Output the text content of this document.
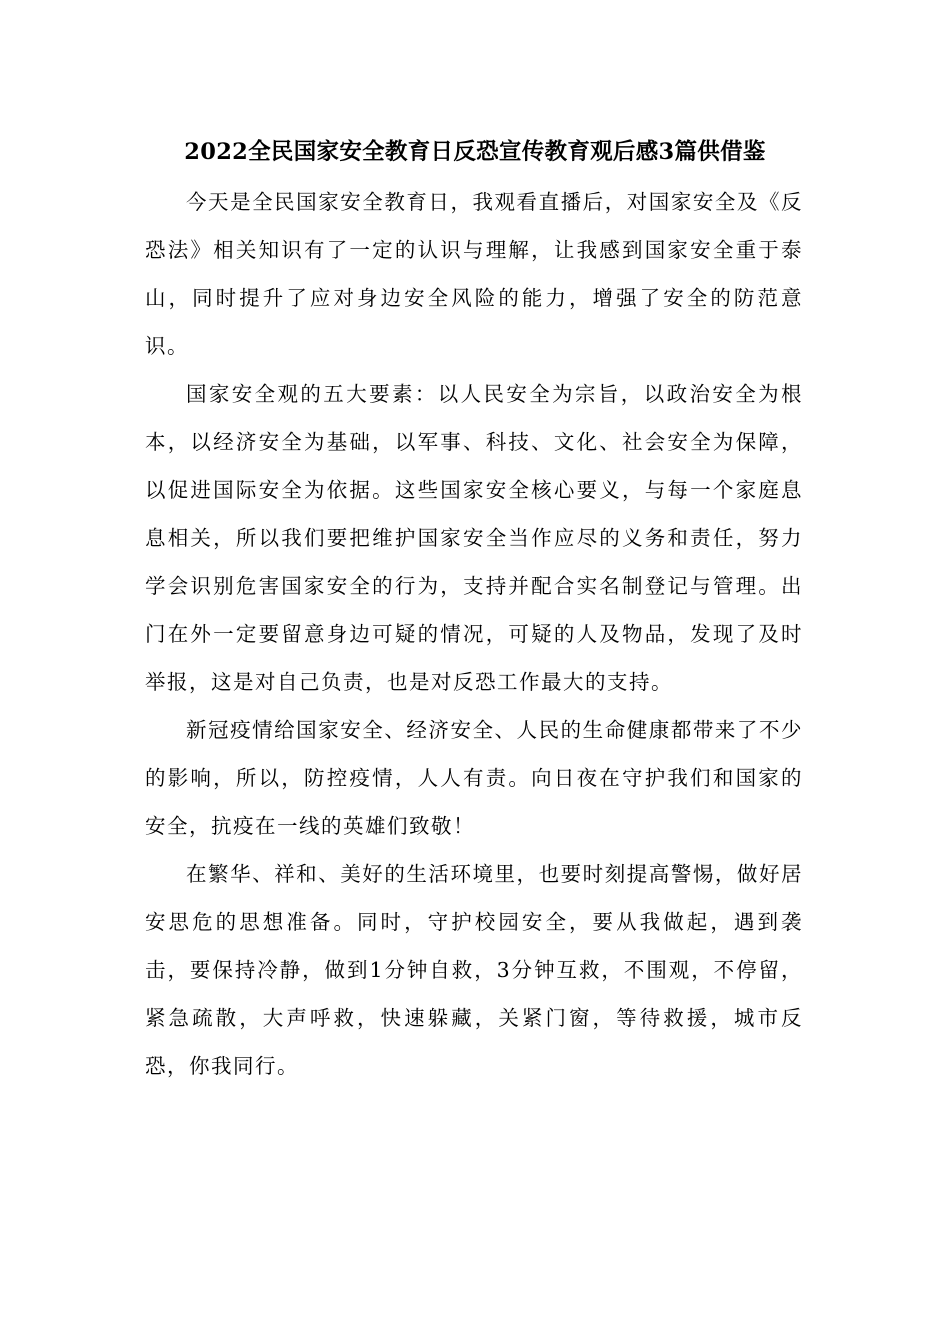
2022全民国家安全教育日反恐宣传教育观后感3篇供借鉴

今天是全民国家安全教育日，我观看直播后，对国家安全及《反恐法》相关知识有了一定的认识与理解，让我感到国家安全重于泰山，同时提升了应对身边安全风险的能力，增强了安全的防范意识。

国家安全观的五大要素：以人民安全为宗旨，以政治安全为根本，以经济安全为基础，以军事、科技、文化、社会安全为保障，以促进国际安全为依据。这些国家安全核心要义，与每一个家庭息息相关，所以我们要把维护国家安全当作应尽的义务和责任，努力学会识别危害国家安全的行为，支持并配合实名制登记与管理。出门在外一定要留意身边可疑的情况，可疑的人及物品，发现了及时举报，这是对自己负责，也是对反恐工作最大的支持。

新冠疫情给国家安全、经济安全、人民的生命健康都带来了不少的影响，所以，防控疫情，人人有责。向日夜在守护我们和国家的安全，抗疫在一线的英雄们致敬！

在繁华、祥和、美好的生活环境里，也要时刻提高警惕，做好居安思危的思想准备。同时，守护校园安全，要从我做起，遇到袭击，要保持冷静，做到1分钟自救，3分钟互救，不围观，不停留，紧急疏散，大声呼救，快速躲藏，关紧门窗，等待救援，城市反恐，你我同行。
